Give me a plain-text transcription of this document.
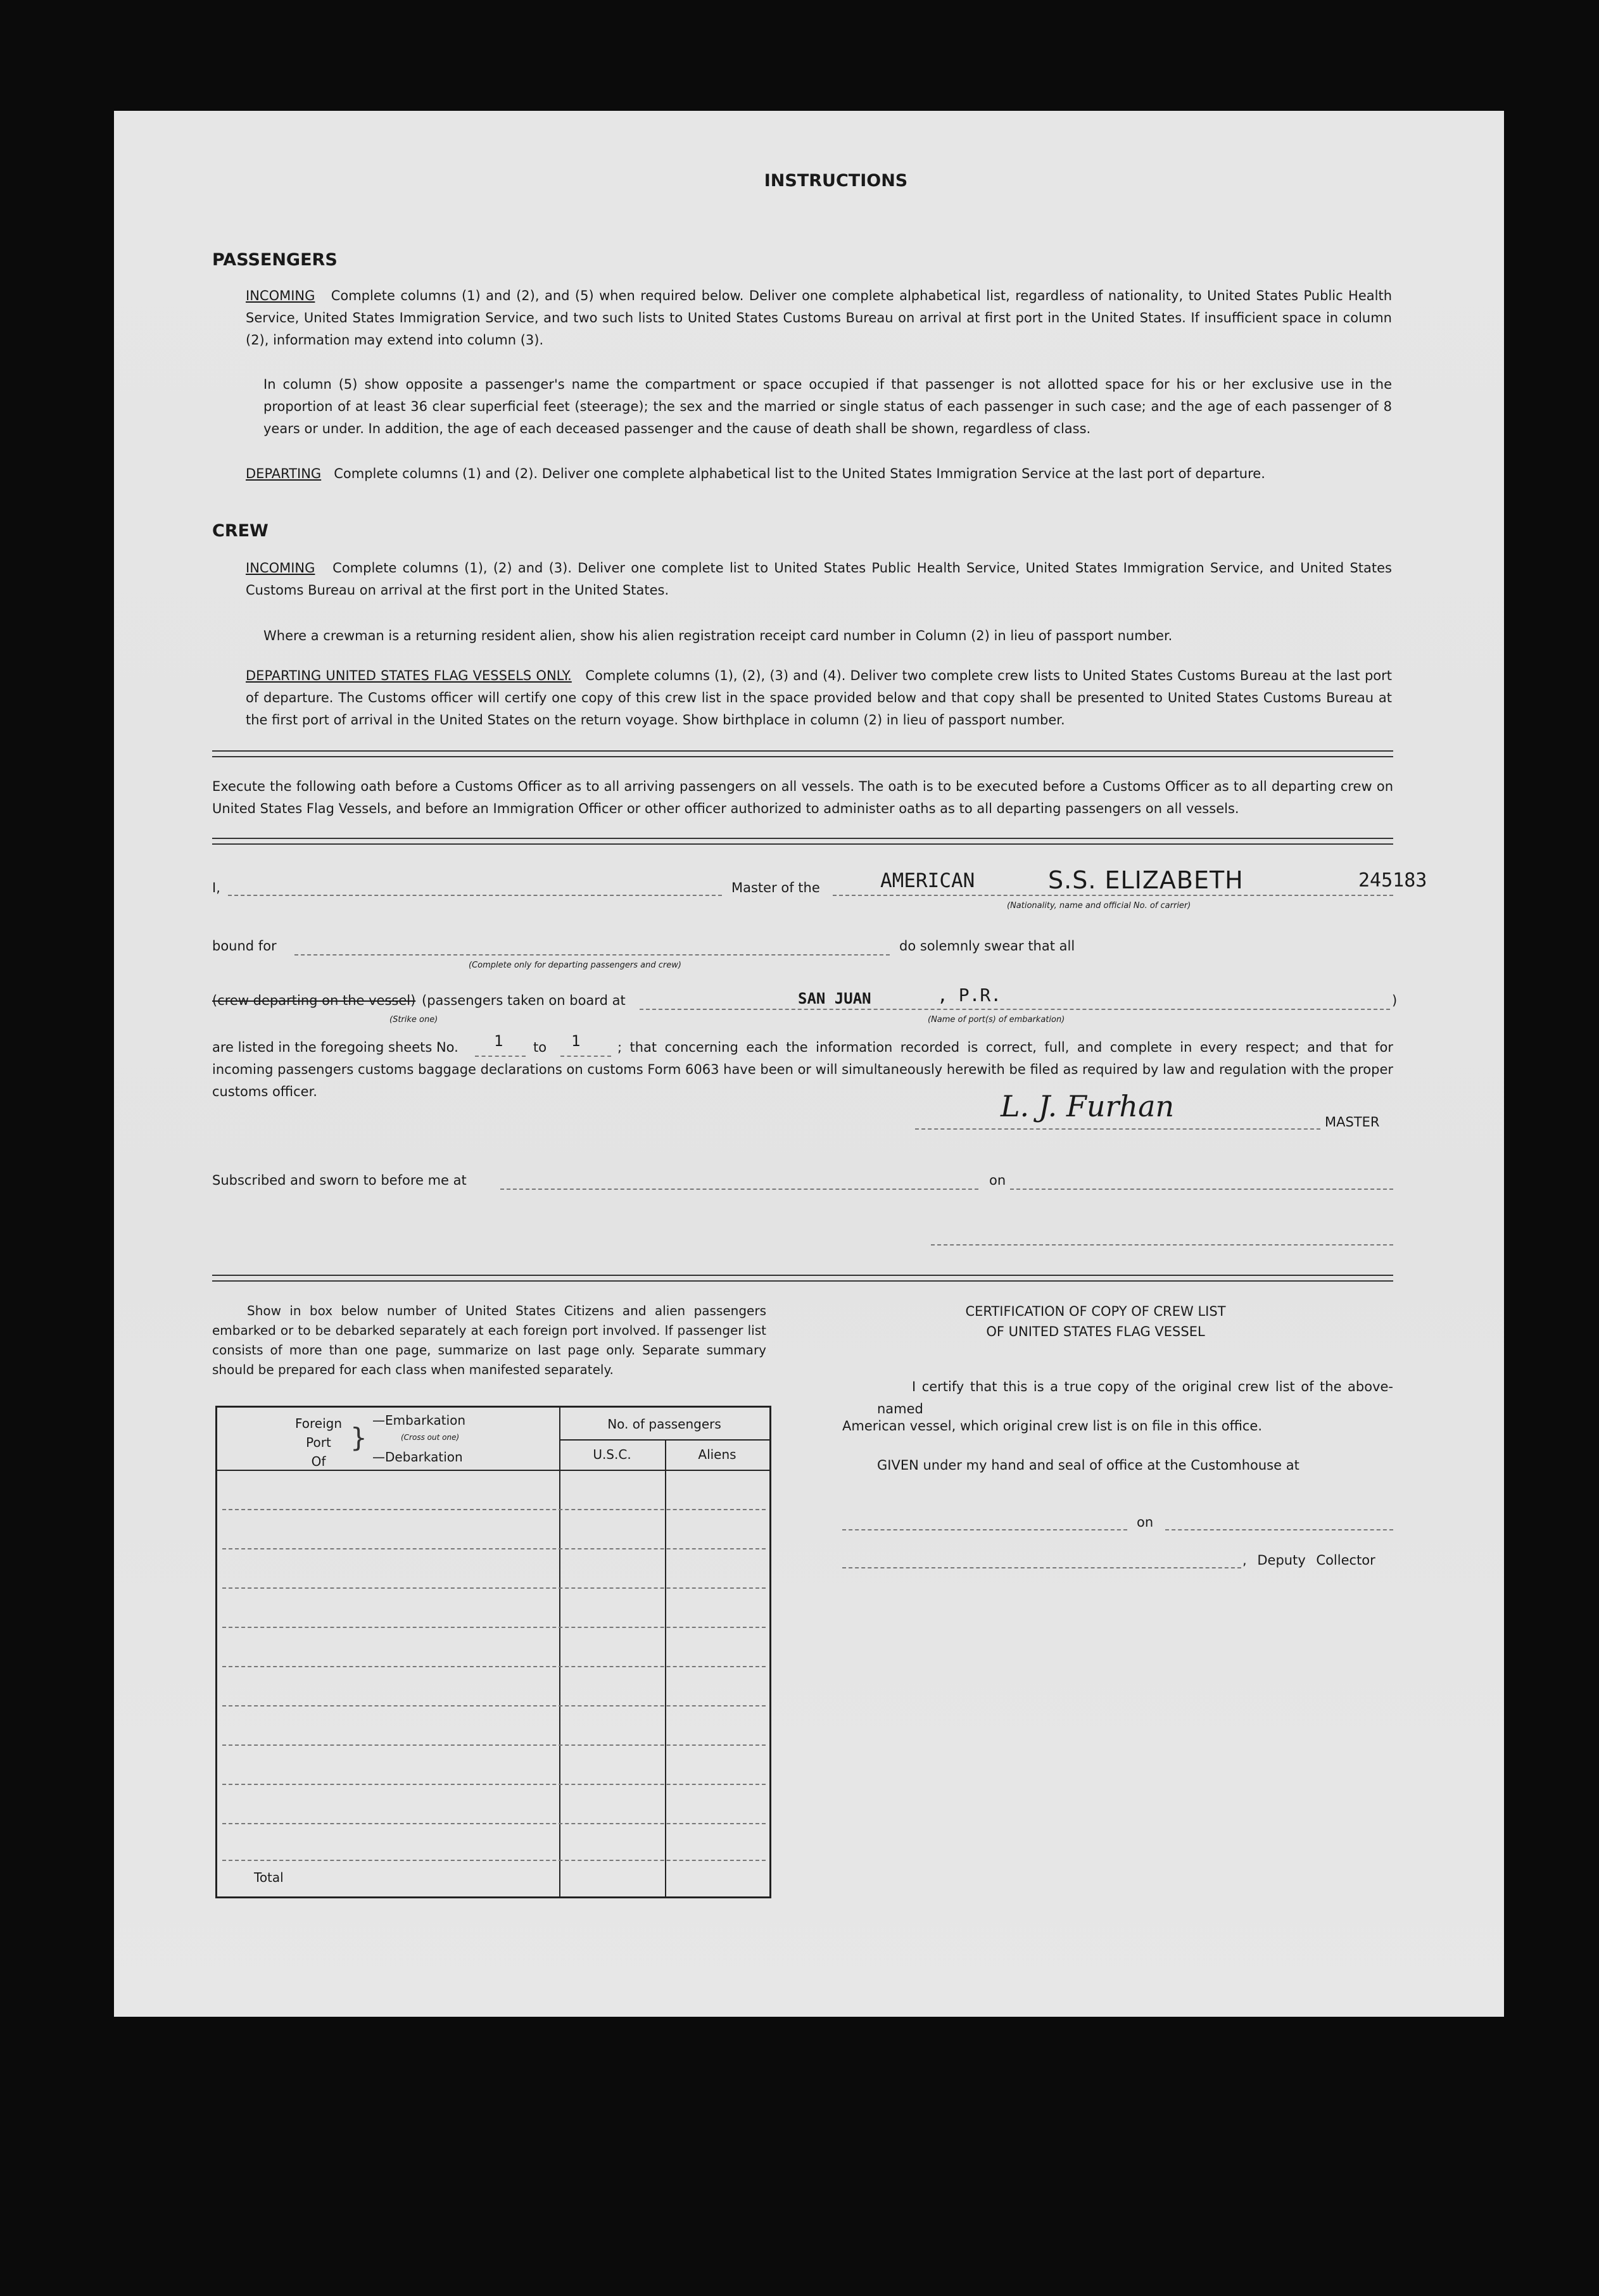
INSTRUCTIONS
PASSENGERS
INCOMING Complete columns (1) and (2), and (5) when required below. Deliver one complete alphabetical list, regardless of nationality, to United States Public Health Service, United States Immigration Service, and two such lists to United States Customs Bureau on arrival at first port in the United States. If insufficient space in column (2), information may extend into column (3).
In column (5) show opposite a passenger's name the compartment or space occupied if that passenger is not allotted space for his or her exclusive use in the proportion of at least 36 clear superficial feet (steerage); the sex and the married or single status of each passenger in such case; and the age of each passenger of 8 years or under. In addition, the age of each deceased passenger and the cause of death shall be shown, regardless of class.
DEPARTING Complete columns (1) and (2). Deliver one complete alphabetical list to the United States Immigration Service at the last port of departure.
CREW
INCOMING Complete columns (1), (2) and (3). Deliver one complete list to United States Public Health Service, United States Immigration Service, and United States Customs Bureau on arrival at the first port in the United States.
Where a crewman is a returning resident alien, show his alien registration receipt card number in Column (2) in lieu of passport number.
DEPARTING UNITED STATES FLAG VESSELS ONLY. Complete columns (1), (2), (3) and (4). Deliver two complete crew lists to United States Customs Bureau at the last port of departure. The Customs officer will certify one copy of this crew list in the space provided below and that copy shall be presented to United States Customs Bureau at the first port of arrival in the United States on the return voyage. Show birthplace in column (2) in lieu of passport number.
Execute the following oath before a Customs Officer as to all arriving passengers on all vessels. The oath is to be executed before a Customs Officer as to all departing crew on United States Flag Vessels, and before an Immigration Officer or other officer authorized to administer oaths as to all departing passengers on all vessels.
I,	Master of the	AMERICAN	S.S. ELIZABETH	245183
(Nationality, name and official No. of carrier)
bound for
(Complete only for departing passengers and crew)
do solemnly swear that all
(crew departing on the vessel) (passengers taken on board at	SAN JUAN	, P.R.
(Name of port(s) of embarkation)
(Strike one)
)
are listed in the foregoing sheets No. 1 to 1	; that concerning each the information recorded is correct, full, and complete in every respect; and that for incoming passengers customs baggage declarations on customs Form 6063 have been or will simultaneously herewith be filed as required by law and regulation with the proper customs officer.	L. J. Furhan	MASTER
Subscribed and sworn to before me at	on
Show in box below number of United States Citizens and alien passengers embarked or to be debarked separately at each foreign port involved. If passenger list consists of more than one page, summarize on last page only. Separate summary should be prepared for each class when manifested separately.
Foreign
Port
Of
}
—Embarkation
(Cross out one)
—Debarkation
No. of passengers
U.S.C.	Aliens
Total
CERTIFICATION OF COPY OF CREW LIST
OF UNITED STATES FLAG VESSEL
I certify that this is a true copy of the original crew list of the above-named
American vessel, which original crew list is on file in this office.
GIVEN under my hand and seal of office at the Customhouse at
on
, Deputy Collector
